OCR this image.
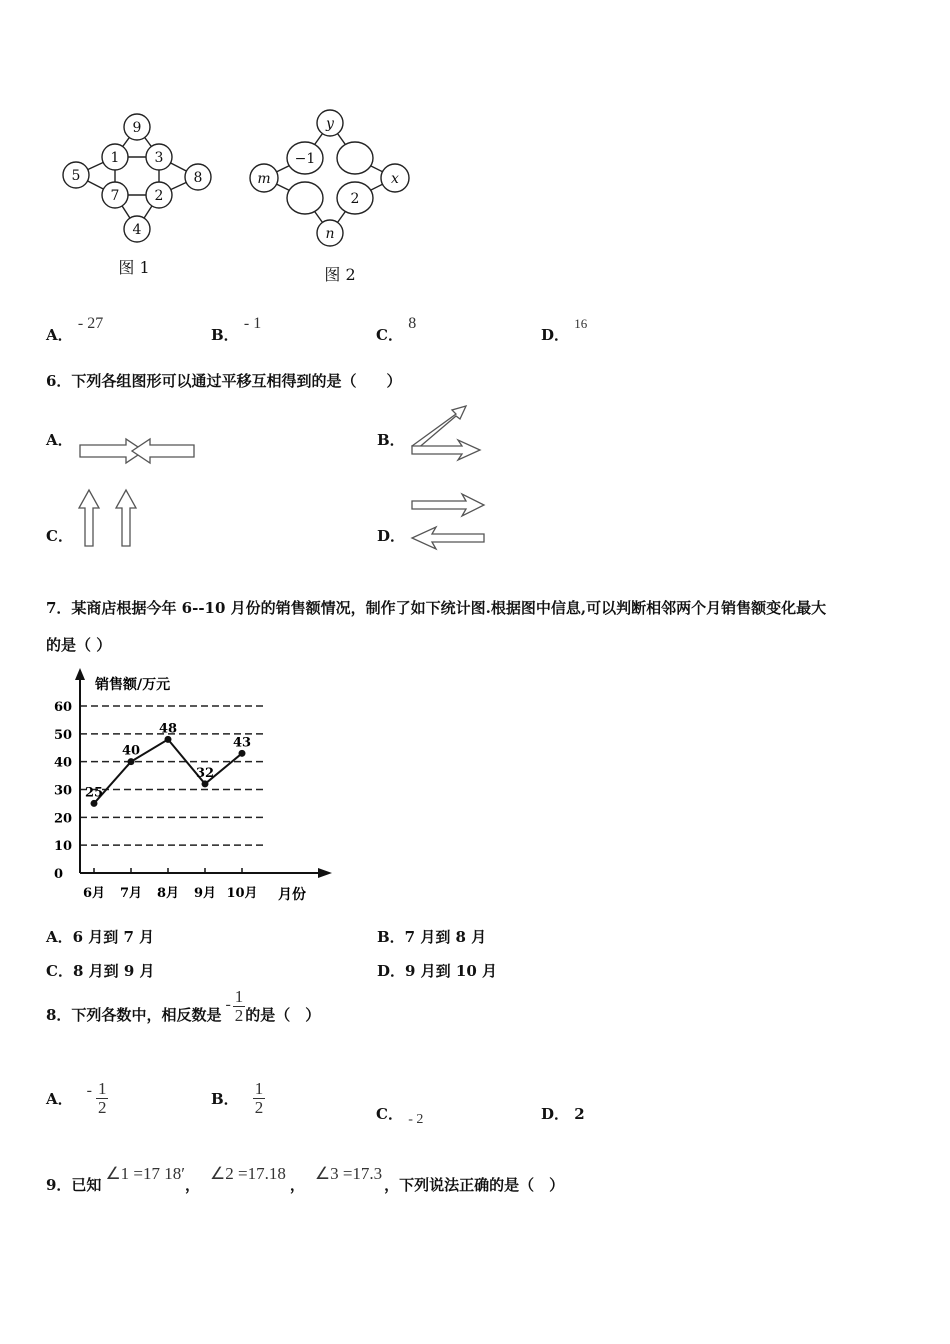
9
1	3
5
7	2
8
4
图 1
y
−1
m
2
x
n
图 2
A． - 27
B． - 1
C． 8
D． 16
6．下列各组图形可以通过平移互相得到的是（　　）
A．	B．
C．	D．
7．某商店根据今年 6--10 月份的销售额情况，制作了如下统计图.根据图中信息,可以判断相邻两个月销售额变化最大
的是（ ）
销售额/万元
月份
0
10
20
30
40
50
60
6月 7月 8月 9月 10月
25
40
48
32
43
A．6 月到 7 月	B．7 月到 8 月
C．8 月到 9 月	D．9 月到 10 月
8．下列各数中，相反数是
- $\frac{1}{2}$ 的是（　）
A． - $\frac{1}{2}$	B． $\frac{1}{2}$	C． - 2	D． 2
9．已知
∠1 =17 18′
，
∠2 =17.18
，
∠3 =17.3
，下列说法正确的是（　）
